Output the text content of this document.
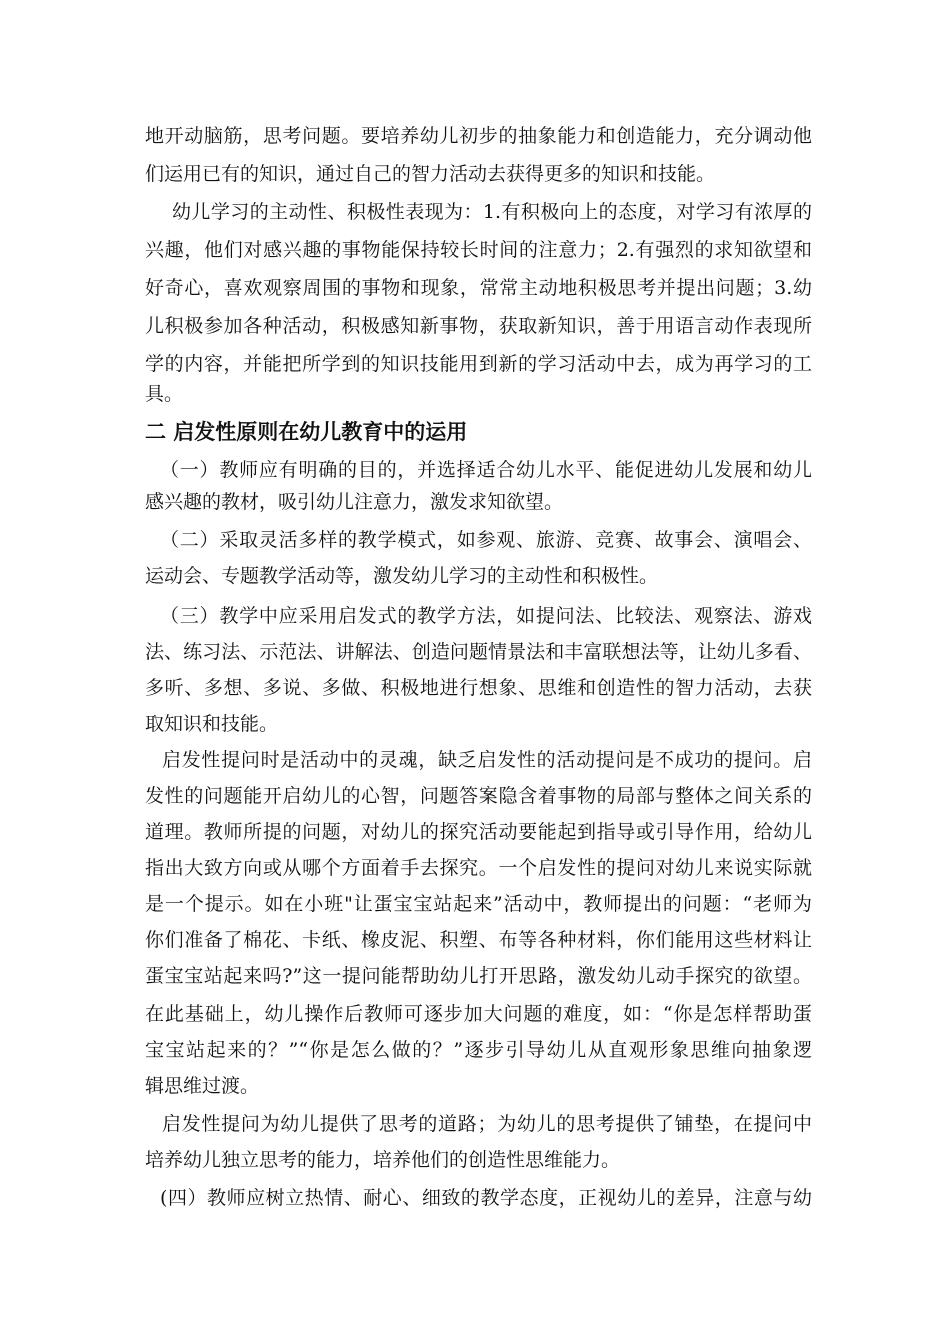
地开动脑筋，思考问题。要培养幼儿初步的抽象能力和创造能力，充分调动他
们运用已有的知识，通过自己的智力活动去获得更多的知识和技能。
幼儿学习的主动性、积极性表现为：1.有积极向上的态度，对学习有浓厚的
兴趣，他们对感兴趣的事物能保持较长时间的注意力；2.有强烈的求知欲望和
好奇心，喜欢观察周围的事物和现象，常常主动地积极思考并提出问题；3.幼
儿积极参加各种活动，积极感知新事物，获取新知识，善于用语言动作表现所
学的内容，并能把所学到的知识技能用到新的学习活动中去，成为再学习的工
具。
二 启发性原则在幼儿教育中的运用
（一）教师应有明确的目的，并选择适合幼儿水平、能促进幼儿发展和幼儿
感兴趣的教材，吸引幼儿注意力，激发求知欲望。
（二）采取灵活多样的教学模式，如参观、旅游、竞赛、故事会、演唱会、
运动会、专题教学活动等，激发幼儿学习的主动性和积极性。
（三）教学中应采用启发式的教学方法，如提问法、比较法、观察法、游戏
法、练习法、示范法、讲解法、创造问题情景法和丰富联想法等，让幼儿多看、
多听、多想、多说、多做、积极地进行想象、思维和创造性的智力活动，去获
取知识和技能。
启发性提问时是活动中的灵魂，缺乏启发性的活动提问是不成功的提问。启
发性的问题能开启幼儿的心智，问题答案隐含着事物的局部与整体之间关系的
道理。教师所提的问题，对幼儿的探究活动要能起到指导或引导作用，给幼儿
指出大致方向或从哪个方面着手去探究。一个启发性的提问对幼儿来说实际就
是一个提示。如在小班"让蛋宝宝站起来”活动中，教师提出的问题：“老师为
你们准备了棉花、卡纸、橡皮泥、积塑、布等各种材料，你们能用这些材料让
蛋宝宝站起来吗?”这一提问能帮助幼儿打开思路，激发幼儿动手探究的欲望。
在此基础上，幼儿操作后教师可逐步加大问题的难度，如：“你是怎样帮助蛋
宝宝站起来的？”“你是怎么做的？”逐步引导幼儿从直观形象思维向抽象逻
辑思维过渡。
启发性提问为幼儿提供了思考的道路；为幼儿的思考提供了铺垫，在提问中
培养幼儿独立思考的能力，培养他们的创造性思维能力。
(四）教师应树立热情、耐心、细致的教学态度，正视幼儿的差异，注意与幼
